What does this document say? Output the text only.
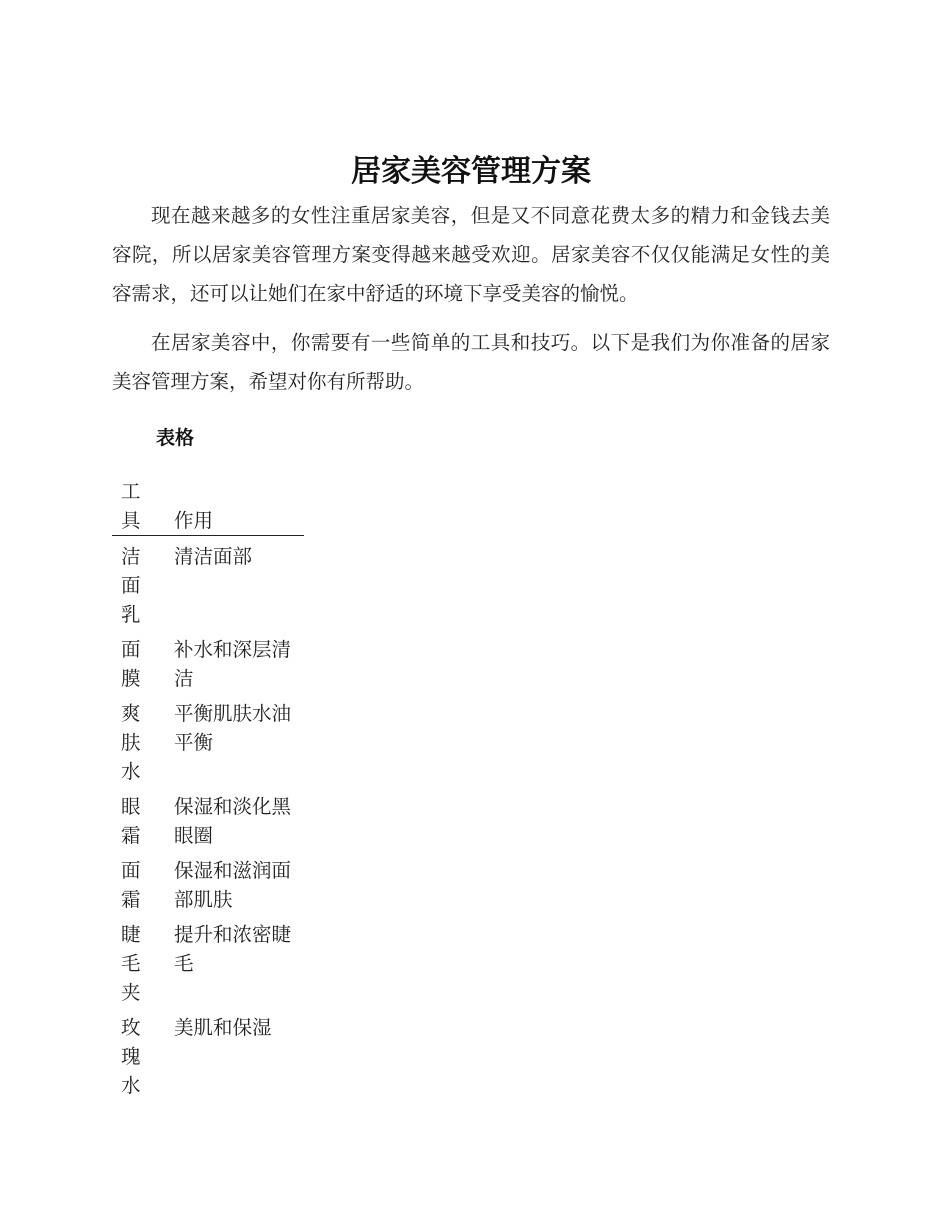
居家美容管理方案

现在越来越多的女性注重居家美容，但是又不同意花费太多的精力和金钱去美容院，所以居家美容管理方案变得越来越受欢迎。居家美容不仅仅能满足女性的美容需求，还可以让她们在家中舒适的环境下享受美容的愉悦。

在居家美容中，你需要有一些简单的工具和技巧。以下是我们为你准备的居家美容管理方案，希望对你有所帮助。

表格
工具	作用
洁面乳	清洁面部
面膜	补水和深层清洁
爽肤水	平衡肌肤水油平衡
眼霜	保湿和淡化黑眼圈
面霜	保湿和滋润面部肌肤
睫毛夹	提升和浓密睫毛
玫瑰水	美肌和保湿
